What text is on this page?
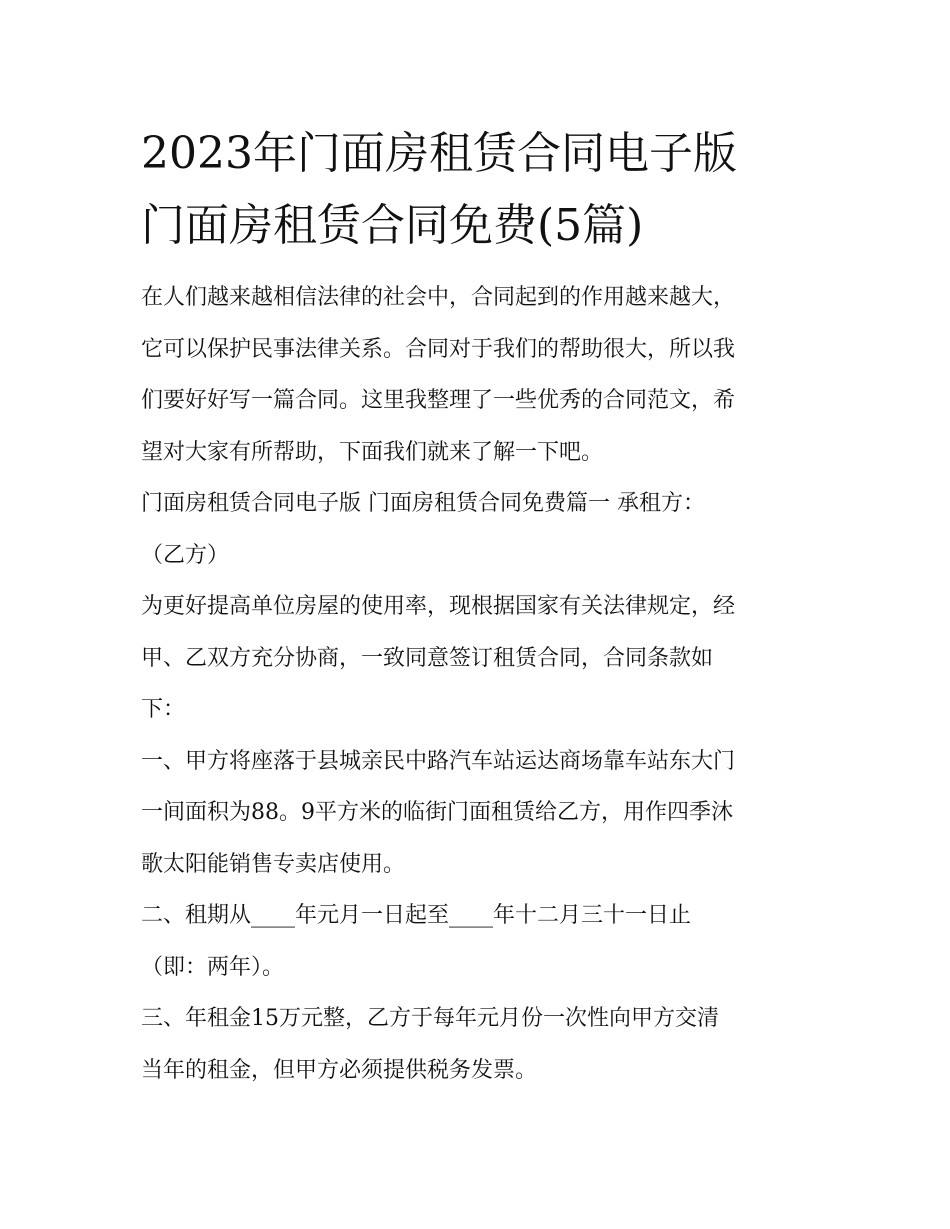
2023年门面房租赁合同电子版
门面房租赁合同免费(5篇)

在人们越来越相信法律的社会中，合同起到的作用越来越大，
它可以保护民事法律关系。合同对于我们的帮助很大，所以我
们要好好写一篇合同。这里我整理了一些优秀的合同范文，希
望对大家有所帮助，下面我们就来了解一下吧。

门面房租赁合同电子版 门面房租赁合同免费篇一 承租方：

（乙方）

为更好提高单位房屋的使用率，现根据国家有关法律规定，经
甲、乙双方充分协商，一致同意签订租赁合同，合同条款如
下：

一、甲方将座落于县城亲民中路汽车站运达商场靠车站东大门
一间面积为88。9平方米的临街门面租赁给乙方，用作四季沐
歌太阳能销售专卖店使用。

二、租期从____年元月一日起至____年十二月三十一日止
（即：两年）。

三、年租金15万元整，乙方于每年元月份一次性向甲方交清
当年的租金，但甲方必须提供税务发票。
